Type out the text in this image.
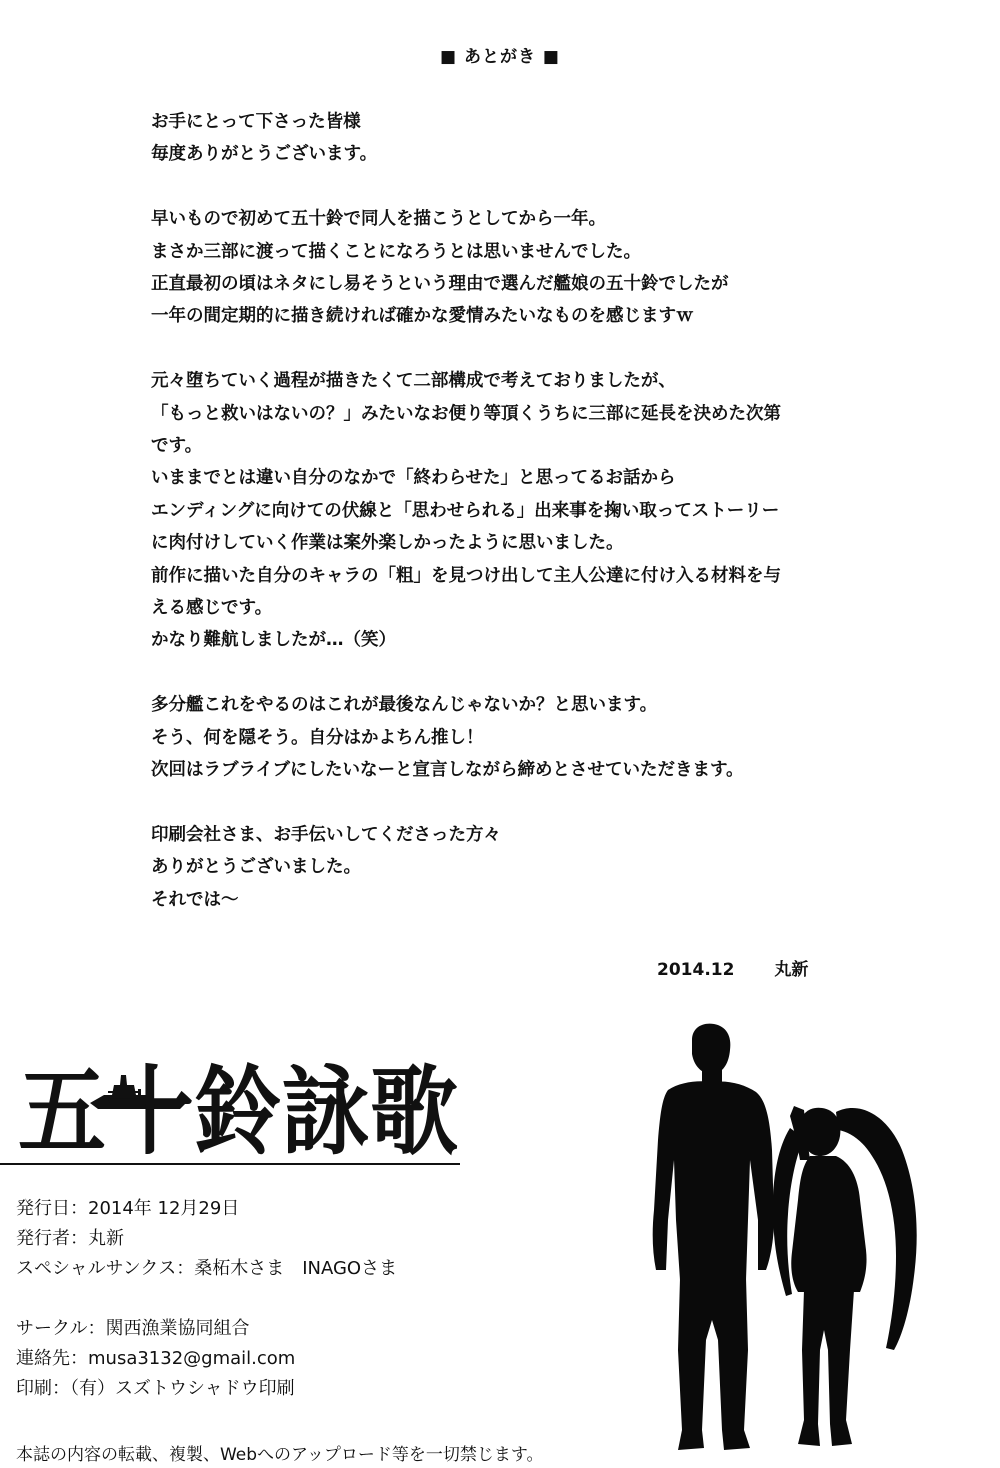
■ あとがき ■
お手にとって下さった皆様
毎度ありがとうございます。
早いもので初めて五十鈴で同人を描こうとしてから一年。
まさか三部に渡って描くことになろうとは思いませんでした。
正直最初の頃はネタにし易そうという理由で選んだ艦娘の五十鈴でしたが
一年の間定期的に描き続ければ確かな愛情みたいなものを感じますｗ
元々堕ちていく過程が描きたくて二部構成で考えておりましたが、
「もっと救いはないの？」みたいなお便り等頂くうちに三部に延長を決めた次第
です。
いままでとは違い自分のなかで「終わらせた」と思ってるお話から
エンディングに向けての伏線と「思わせられる」出来事を掬い取ってストーリー
に肉付けしていく作業は案外楽しかったように思いました。
前作に描いた自分のキャラの「粗」を見つけ出して主人公達に付け入る材料を与
える感じです。
かなり難航しましたが…（笑）
多分艦これをやるのはこれが最後なんじゃないか？と思います。
そう、何を隠そう。自分はかよちん推し！
次回はラブライブにしたいなーと宣言しながら締めとさせていただきます。
印刷会社さま、お手伝いしてくださった方々
ありがとうございました。
それでは～
2014.12 丸新
五十鈴詠歌
発行日：2014年 12月29日
発行者：丸新
スペシャルサンクス：桑柘木さま　INAGOさま
サークル：関西漁業協同組合
連絡先：musa3132@gmail.com
印刷：（有）スズトウシャドウ印刷
本誌の内容の転載、複製、Webへのアップロード等を一切禁じます。
